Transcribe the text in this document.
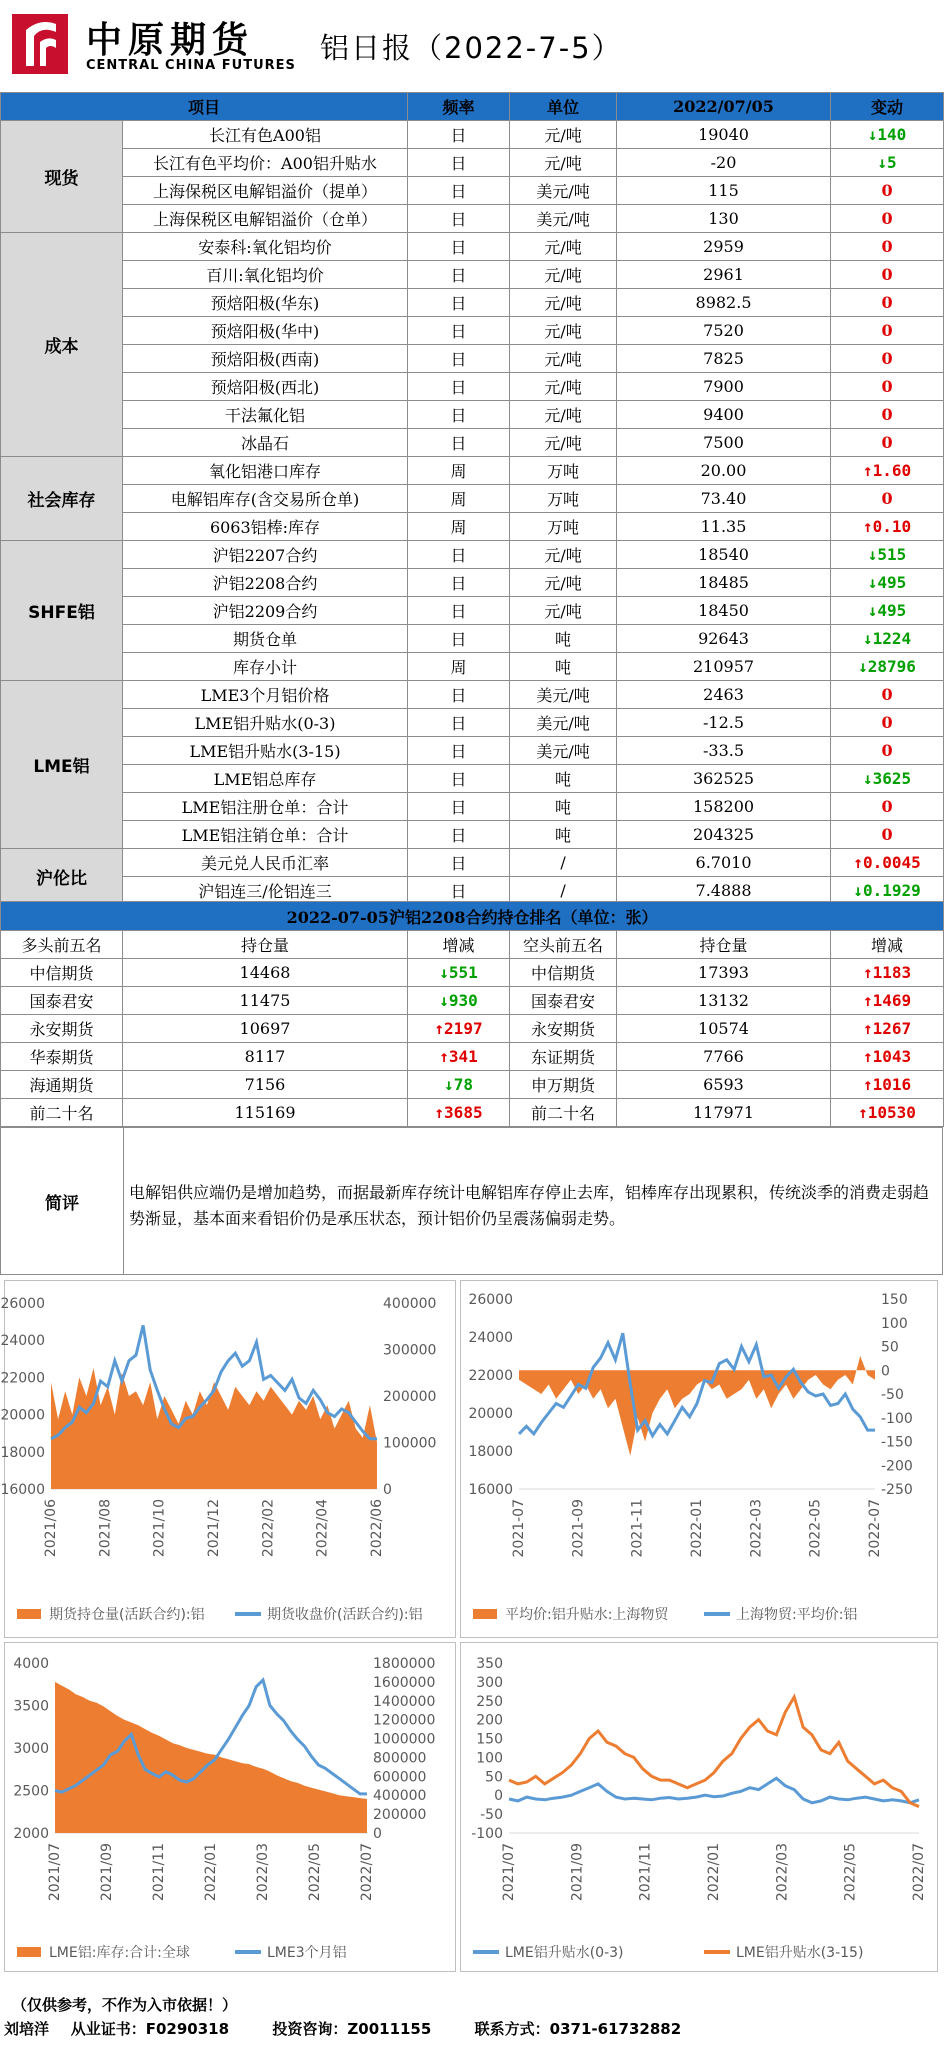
中原期货
CENTRAL CHINA FUTURES
铝日报（2022-7-5）
项目		频率	单位	2022/07/05	变动
现货	长江有色A00铝	日	元/吨	19040	↓140
	长江有色平均价：A00铝升贴水	日	元/吨	-20	↓5
	上海保税区电解铝溢价（提单）	日	美元/吨	115	0
	上海保税区电解铝溢价（仓单）	日	美元/吨	130	0
成本	安泰科:氧化铝均价	日	元/吨	2959	0
	百川:氧化铝均价	日	元/吨	2961	0
	预焙阳极(华东)	日	元/吨	8982.5	0
	预焙阳极(华中)	日	元/吨	7520	0
	预焙阳极(西南)	日	元/吨	7825	0
	预焙阳极(西北)	日	元/吨	7900	0
	干法氟化铝	日	元/吨	9400	0
	冰晶石	日	元/吨	7500	0
社会库存	氧化铝港口库存	周	万吨	20.00	↑1.60
	电解铝库存(含交易所仓单)	周	万吨	73.40	0
	6063铝棒:库存	周	万吨	11.35	↑0.10
SHFE铝	沪铝2207合约	日	元/吨	18540	↓515
	沪铝2208合约	日	元/吨	18485	↓495
	沪铝2209合约	日	元/吨	18450	↓495
	期货仓单	日	吨	92643	↓1224
	库存小计	周	吨	210957	↓28796
LME铝	LME3个月铝价格	日	美元/吨	2463	0
	LME铝升贴水(0-3)	日	美元/吨	-12.5	0
	LME铝升贴水(3-15)	日	美元/吨	-33.5	0
	LME铝总库存	日	吨	362525	↓3625
	LME铝注册仓单：合计	日	吨	158200	0
	LME铝注销仓单：合计	日	吨	204325	0
沪伦比	美元兑人民币汇率	日	/	6.7010	↑0.0045
	沪铝连三/伦铝连三	日	/	7.4888	↓0.1929
2022-07-05沪铝2208合约持仓排名（单位：张）					
多头前五名	持仓量	增减	空头前五名	持仓量	增减
中信期货	14468	↓551	中信期货	17393	↑1183
国泰君安	11475	↓930	国泰君安	13132	↑1469
永安期货	10697	↑2197	永安期货	10574	↑1267
华泰期货	8117	↑341	东证期货	7766	↑1043
海通期货	7156	↓78	申万期货	6593	↑1016
前二十名	115169	↑3685	前二十名	117971	↑10530
简评
电解铝供应端仍是增加趋势，而据最新库存统计电解铝库存停止去库，铝棒库存出现累积，传统淡季的消费走弱趋势渐显，基本面来看铝价仍是承压状态，预计铝价仍呈震荡偏弱走势。
16000
18000
20000
22000
24000
26000
0
100000
200000
300000
400000
2021/06	2021/08	2021/10	2021/12	2022/02	2022/04	2022/06
期货持仓量(活跃合约):铝	期货收盘价(活跃合约):铝
16000
18000
20000
22000
24000
26000
-250
-200
-150
-100
-50
0
50
100
150
2021-07	2021-09	2021-11	2022-01	2022-03	2022-05	2022-07
平均价:铝升贴水:上海物贸	上海物贸:平均价:铝
2000
2500
3000
3500
4000
0
200000
400000
600000
800000
1000000
1200000
1400000
1600000
1800000
2021/07	2021/09	2021/11	2022/01	2022/03	2022/05	2022/07
LME铝:库存:合计:全球	LME3个月铝
-100
-50
0
50
100
150
200
250
300
350
2021/07	2021/09	2021/11	2022/01	2022/03	2022/05	2022/07
LME铝升贴水(0-3)	LME铝升贴水(3-15)
（仅供参考，不作为入市依据！）
刘培洋 从业证书：F0290318	投资咨询：Z0011155	联系方式：0371-61732882
